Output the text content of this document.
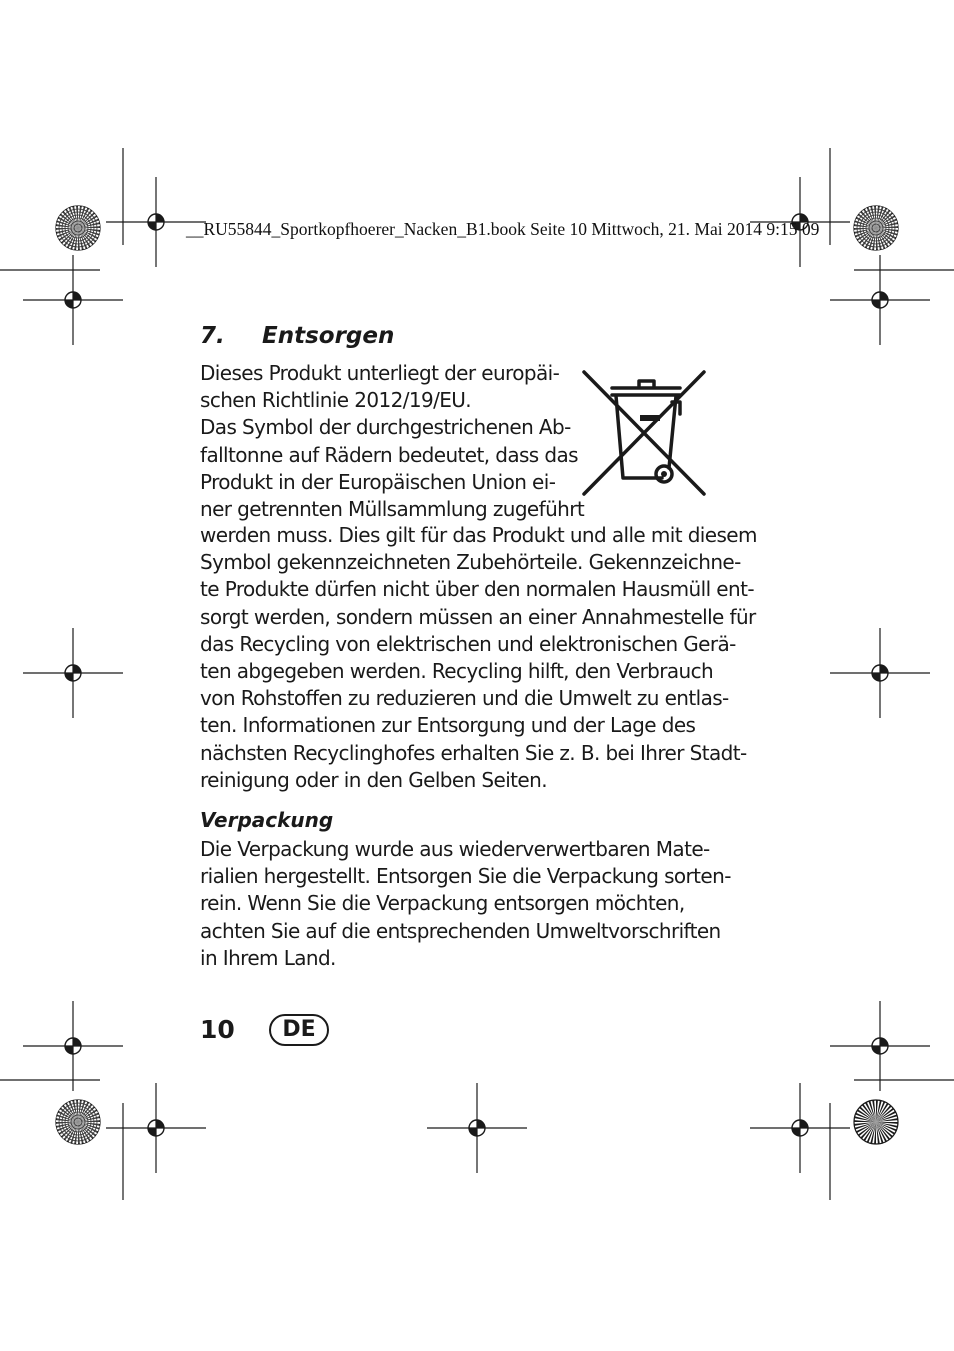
__RU55844_Sportkopfhoerer_Nacken_B1.book Seite 10 Mittwoch, 21. Mai 2014 9:15 09
7. Entsorgen
Dieses Produkt unterliegt der europäi-
schen Richtlinie 2012/19/EU.
Das Symbol der durchgestrichenen Ab-
falltonne auf Rädern bedeutet, dass das
Produkt in der Europäischen Union ei-
ner getrennten Müllsammlung zugeführt
werden muss. Dies gilt für das Produkt und alle mit diesem
Symbol gekennzeichneten Zubehörteile. Gekennzeichne-
te Produkte dürfen nicht über den normalen Hausmüll ent-
sorgt werden, sondern müssen an einer Annahmestelle für
das Recycling von elektrischen und elektronischen Gerä-
ten abgegeben werden. Recycling hilft, den Verbrauch
von Rohstoffen zu reduzieren und die Umwelt zu entlas-
ten. Informationen zur Entsorgung und der Lage des
nächsten Recyclinghofes erhalten Sie z. B. bei Ihrer Stadt-
reinigung oder in den Gelben Seiten.
Verpackung
Die Verpackung wurde aus wiederverwertbaren Mate-
rialien hergestellt. Entsorgen Sie die Verpackung sorten-
rein. Wenn Sie die Verpackung entsorgen möchten,
achten Sie auf die entsprechenden Umweltvorschriften
in Ihrem Land.
10	DE
